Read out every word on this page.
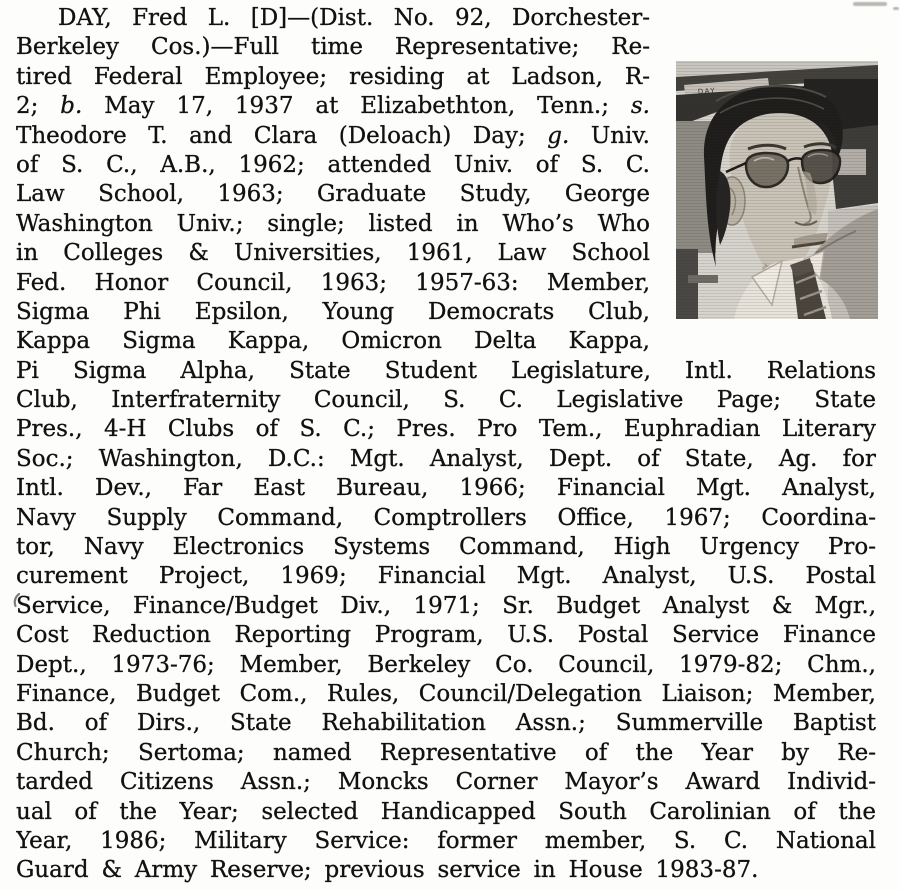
DAY, Fred L. [D]—(Dist. No. 92, Dorchester-
Berkeley Cos.)—Full time Representative; Re-
tired Federal Employee; residing at Ladson, R-
2; b. May 17, 1937 at Elizabethton, Tenn.; s.
Theodore T. and Clara (Deloach) Day; g. Univ.
of S. C., A.B., 1962; attended Univ. of S. C.
Law School, 1963; Graduate Study, George
Washington Univ.; single; listed in Who’s Who
in Colleges & Universities, 1961, Law School
Fed. Honor Council, 1963; 1957-63: Member,
Sigma Phi Epsilon, Young Democrats Club,
Kappa Sigma Kappa, Omicron Delta Kappa,
Pi Sigma Alpha, State Student Legislature, Intl. Relations
Club, Interfraternity Council, S. C. Legislative Page; State
Pres., 4-H Clubs of S. C.; Pres. Pro Tem., Euphradian Literary
Soc.; Washington, D.C.: Mgt. Analyst, Dept. of State, Ag. for
Intl. Dev., Far East Bureau, 1966; Financial Mgt. Analyst,
Navy Supply Command, Comptrollers Office, 1967; Coordina-
tor, Navy Electronics Systems Command, High Urgency Pro-
curement Project, 1969; Financial Mgt. Analyst, U.S. Postal
Service, Finance/Budget Div., 1971; Sr. Budget Analyst & Mgr.,
Cost Reduction Reporting Program, U.S. Postal Service Finance
Dept., 1973-76; Member, Berkeley Co. Council, 1979-82; Chm.,
Finance, Budget Com., Rules, Council/Delegation Liaison; Member,
Bd. of Dirs., State Rehabilitation Assn.; Summerville Baptist
Church; Sertoma; named Representative of the Year by Re-
tarded Citizens Assn.; Moncks Corner Mayor’s Award Individ-
ual of the Year; selected Handicapped South Carolinian of the
Year, 1986; Military Service: former member, S. C. National
Guard & Army Reserve; previous service in House 1983-87.
DAY
